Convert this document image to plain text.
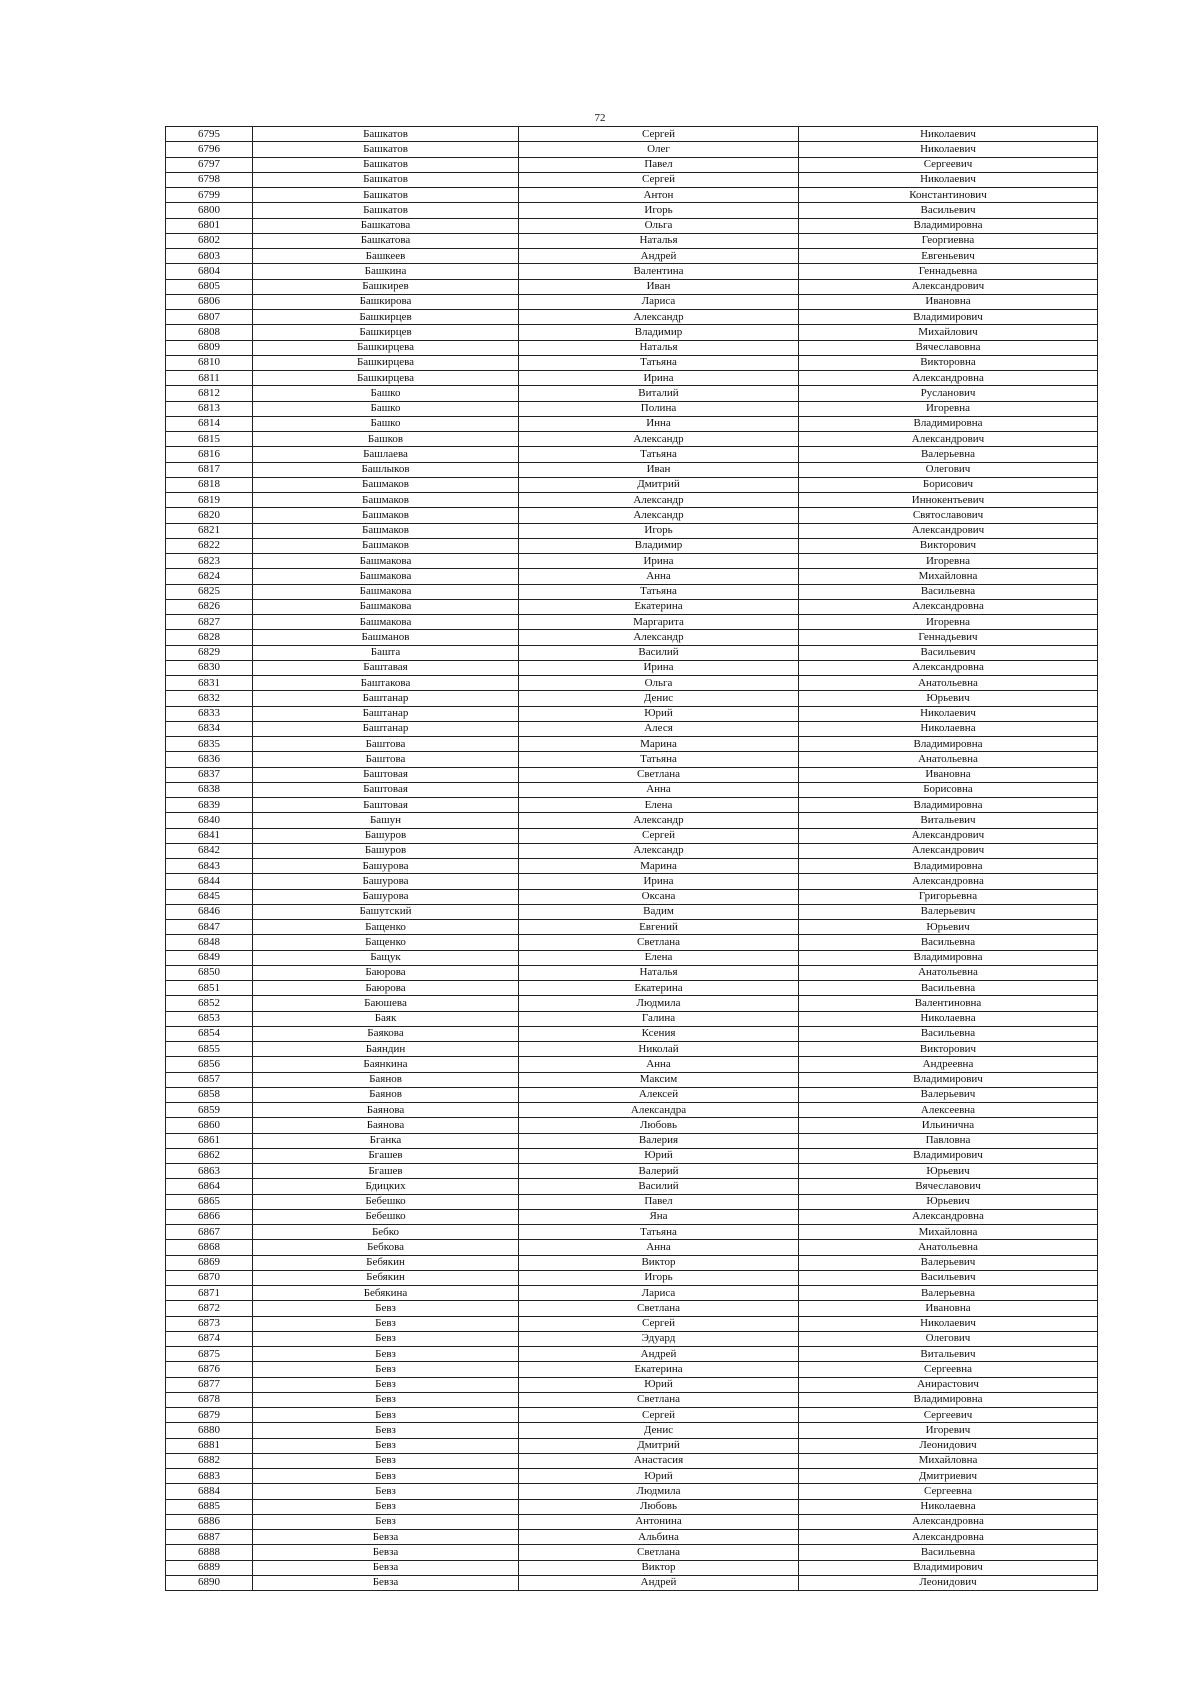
72
6795	Башкатов	Сергей	Николаевич
6796	Башкатов	Олег	Николаевич
6797	Башкатов	Павел	Сергеевич
6798	Башкатов	Сергей	Николаевич
6799	Башкатов	Антон	Константинович
6800	Башкатов	Игорь	Васильевич
6801	Башкатова	Ольга	Владимировна
6802	Башкатова	Наталья	Георгиевна
6803	Башкеев	Андрей	Евгеньевич
6804	Башкина	Валентина	Геннадьевна
6805	Башкирев	Иван	Александрович
6806	Башкирова	Лариса	Ивановна
6807	Башкирцев	Александр	Владимирович
6808	Башкирцев	Владимир	Михайлович
6809	Башкирцева	Наталья	Вячеславовна
6810	Башкирцева	Татьяна	Викторовна
6811	Башкирцева	Ирина	Александровна
6812	Башко	Виталий	Русланович
6813	Башко	Полина	Игоревна
6814	Башко	Инна	Владимировна
6815	Башков	Александр	Александрович
6816	Башлаева	Татьяна	Валерьевна
6817	Башлыков	Иван	Олегович
6818	Башмаков	Дмитрий	Борисович
6819	Башмаков	Александр	Иннокентьевич
6820	Башмаков	Александр	Святославович
6821	Башмаков	Игорь	Александрович
6822	Башмаков	Владимир	Викторович
6823	Башмакова	Ирина	Игоревна
6824	Башмакова	Анна	Михайловна
6825	Башмакова	Татьяна	Васильевна
6826	Башмакова	Екатерина	Александровна
6827	Башмакова	Маргарита	Игоревна
6828	Башманов	Александр	Геннадьевич
6829	Башта	Василий	Васильевич
6830	Баштавая	Ирина	Александровна
6831	Баштакова	Ольга	Анатольевна
6832	Баштанар	Денис	Юрьевич
6833	Баштанар	Юрий	Николаевич
6834	Баштанар	Алеся	Николаевна
6835	Баштова	Марина	Владимировна
6836	Баштова	Татьяна	Анатольевна
6837	Баштовая	Светлана	Ивановна
6838	Баштовая	Анна	Борисовна
6839	Баштовая	Елена	Владимировна
6840	Башун	Александр	Витальевич
6841	Башуров	Сергей	Александрович
6842	Башуров	Александр	Александрович
6843	Башурова	Марина	Владимировна
6844	Башурова	Ирина	Александровна
6845	Башурова	Оксана	Григорьевна
6846	Башутский	Вадим	Валерьевич
6847	Бащенко	Евгений	Юрьевич
6848	Бащенко	Светлана	Васильевна
6849	Бащук	Елена	Владимировна
6850	Баюрова	Наталья	Анатольевна
6851	Баюрова	Екатерина	Васильевна
6852	Баюшева	Людмила	Валентиновна
6853	Баяк	Галина	Николаевна
6854	Баякова	Ксения	Васильевна
6855	Баяндин	Николай	Викторович
6856	Баянкина	Анна	Андреевна
6857	Баянов	Максим	Владимирович
6858	Баянов	Алексей	Валерьевич
6859	Баянова	Александра	Алексеевна
6860	Баянова	Любовь	Ильинична
6861	Бганка	Валерия	Павловна
6862	Бгашев	Юрий	Владимирович
6863	Бгашев	Валерий	Юрьевич
6864	Бдицких	Василий	Вячеславович
6865	Бебешко	Павел	Юрьевич
6866	Бебешко	Яна	Александровна
6867	Бебко	Татьяна	Михайловна
6868	Бебкова	Анна	Анатольевна
6869	Бебякин	Виктор	Валерьевич
6870	Бебякин	Игорь	Васильевич
6871	Бебякина	Лариса	Валерьевна
6872	Бевз	Светлана	Ивановна
6873	Бевз	Сергей	Николаевич
6874	Бевз	Эдуард	Олегович
6875	Бевз	Андрей	Витальевич
6876	Бевз	Екатерина	Сергеевна
6877	Бевз	Юрий	Анирастович
6878	Бевз	Светлана	Владимировна
6879	Бевз	Сергей	Сергеевич
6880	Бевз	Денис	Игоревич
6881	Бевз	Дмитрий	Леонидович
6882	Бевз	Анастасия	Михайловна
6883	Бевз	Юрий	Дмитриевич
6884	Бевз	Людмила	Сергеевна
6885	Бевз	Любовь	Николаевна
6886	Бевз	Антонина	Александровна
6887	Бевза	Альбина	Александровна
6888	Бевза	Светлана	Васильевна
6889	Бевза	Виктор	Владимирович
6890	Бевза	Андрей	Леонидович
